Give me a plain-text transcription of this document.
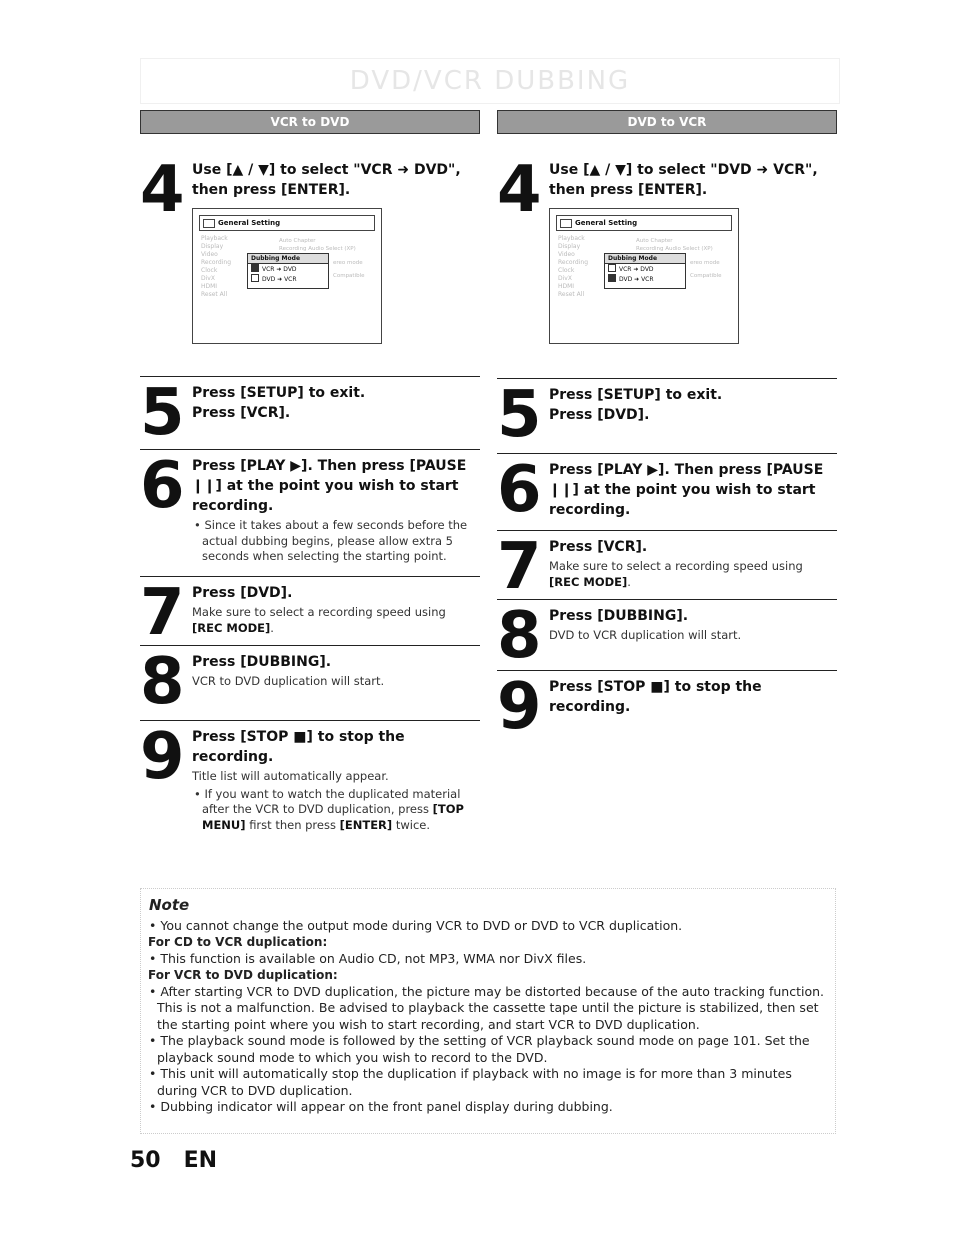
DVD/VCR DUBBING
VCR to DVD
4 Use [▲ / ▼] to select "VCR ➜ DVD", then press [ENTER].
General Setting
Playback
Display
Video
Recording
Clock
DivX
HDMI
Reset All
Auto Chapter
Recording Audio Select (XP)
ereo mode
Compatible
Dubbing Mode
VCR ➜ DVD
DVD ➜ VCR
5 Press [SETUP] to exit.
Press [VCR].
6 Press [PLAY ▶]. Then press [PAUSE ❙❙] at the point you wish to start recording.
• Since it takes about a few seconds before the actual dubbing begins, please allow extra 5 seconds when selecting the starting point.
7 Press [DVD].
Make sure to select a recording speed using
[REC MODE].
8 Press [DUBBING].
VCR to DVD duplication will start.
9 Press [STOP ■] to stop the recording.
Title list will automatically appear.
• If you want to watch the duplicated material after the VCR to DVD duplication, press [TOP MENU] first then press [ENTER] twice.
DVD to VCR
4 Use [▲ / ▼] to select "DVD ➜ VCR", then press [ENTER].
General Setting
Playback
Display
Video
Recording
Clock
DivX
HDMI
Reset All
Auto Chapter
Recording Audio Select (XP)
ereo mode
Compatible
Dubbing Mode
VCR ➜ DVD
DVD ➜ VCR
5 Press [SETUP] to exit.
Press [DVD].
6 Press [PLAY ▶]. Then press [PAUSE ❙❙] at the point you wish to start recording.
7 Press [VCR].
Make sure to select a recording speed using
[REC MODE].
8 Press [DUBBING].
DVD to VCR duplication will start.
9 Press [STOP ■] to stop the recording.
Note
• You cannot change the output mode during VCR to DVD or DVD to VCR duplication.
For CD to VCR duplication:
• This function is available on Audio CD, not MP3, WMA nor DivX files.
For VCR to DVD duplication:
• After starting VCR to DVD duplication, the picture may be distorted because of the auto tracking function. This is not a malfunction. Be advised to playback the cassette tape until the picture is stabilized, then set the starting point where you wish to start recording, and start VCR to DVD duplication.
• The playback sound mode is followed by the setting of VCR playback sound mode on page 101. Set the playback sound mode to which you wish to record to the DVD.
• This unit will automatically stop the duplication if playback with no image is for more than 3 minutes during VCR to DVD duplication.
• Dubbing indicator will appear on the front panel display during dubbing.
50   EN
